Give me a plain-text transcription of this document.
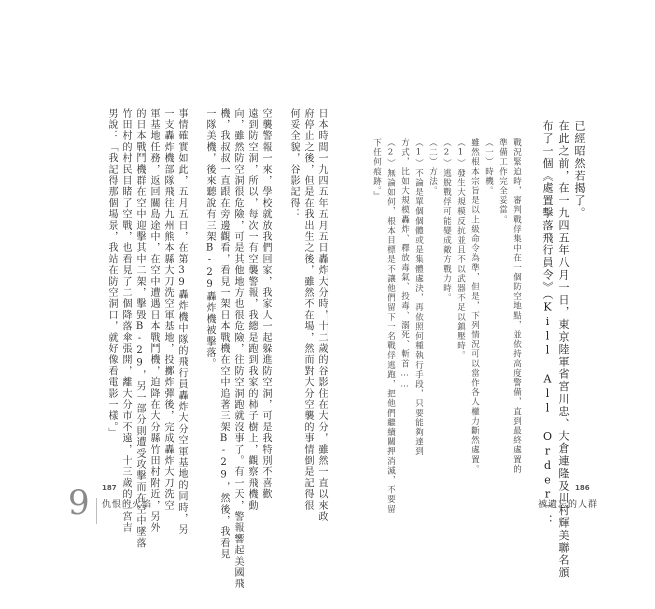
男說：「我記得那個場景，我站在防空洞口，就好像看電影一樣。」 竹田村的村民目睹了空戰，也看見了二個降落傘張開，離大分市不遠，十三歲的二宮吉 的日本戰鬥機群在空中迎擊其中二架，擊毀B-29，另一部分則遭受攻擊而在空中墜落 軍基地任務，返回關島途中，在空中遭遇日本戰鬥機，迫降在大分縣竹田村附近，另外 一支轟炸機部隊飛往九州熊本縣大刀洗空軍基地，投擲炸彈後，完成轟炸大刀洗空 事情確實如此，五月五日，在第39轟炸機中隊的飛行員轟炸大分空軍基地的同時，另 一隊美機，後來聽說有三架B-29轟炸機被擊落。 機，我叔叔一直跟在旁邊觀看，看見一架日本戰機在空中追著三架B-29，然後，我看見 向，雖然防空洞很危險，可是其他地方也很危險，往防空洞跑就沒事了。有一天，警報響起美國飛 遠到防空洞，所以，每次一有空襲警報，我總是跑到我家的柿子樹上，觀察飛機動 空襲警報一來，學校就放我們回家，我家人一起躲進防空洞，可是我特別不喜歡 何妥全貌，谷影記得： 府停止之後，但是在我出生之後，雖然不在場，然而對大分空襲的事情倒是記得很 日本時間一九四五年五月五日轟炸大分時，十二歲的谷影住在大分，雖然一直以來政	已經昭然若揭了。
在此之前，在一九四五年八月一日，東京陸軍省宮川忠、大倉連隆及川村輝美聯名頒
布了一個《處置擊落飛行員令》（Kill All Order）：
戰況緊迫時，審判戰俘集中在一個防空地點，並依持高度警備，直到最終處置的
準備工作完全妥當。
（一）時機。
雖然根本宗旨是以上級命令為準，但是，下列情況可以當作各人權力斷然處置。
（1）發生大規模反抗並且不以武器不足以鎮壓時。
（2）逃脫戰俘可能變成敵方戰力時。
（二）方法。
（1）不論是單個個體或是集體處決，再依照何種執行手段，只要能夠達到
方式，比如大規模轟炸、釋放毒氣、投毒、溺死、斬首……
（2）無論如何，根本目標是不讓他們留下一名戰俘逃跑，把他們繼續關押消滅，不要留
下任何痕跡。』
9 187
仇恨的火焰
186
被遺忘的人群
